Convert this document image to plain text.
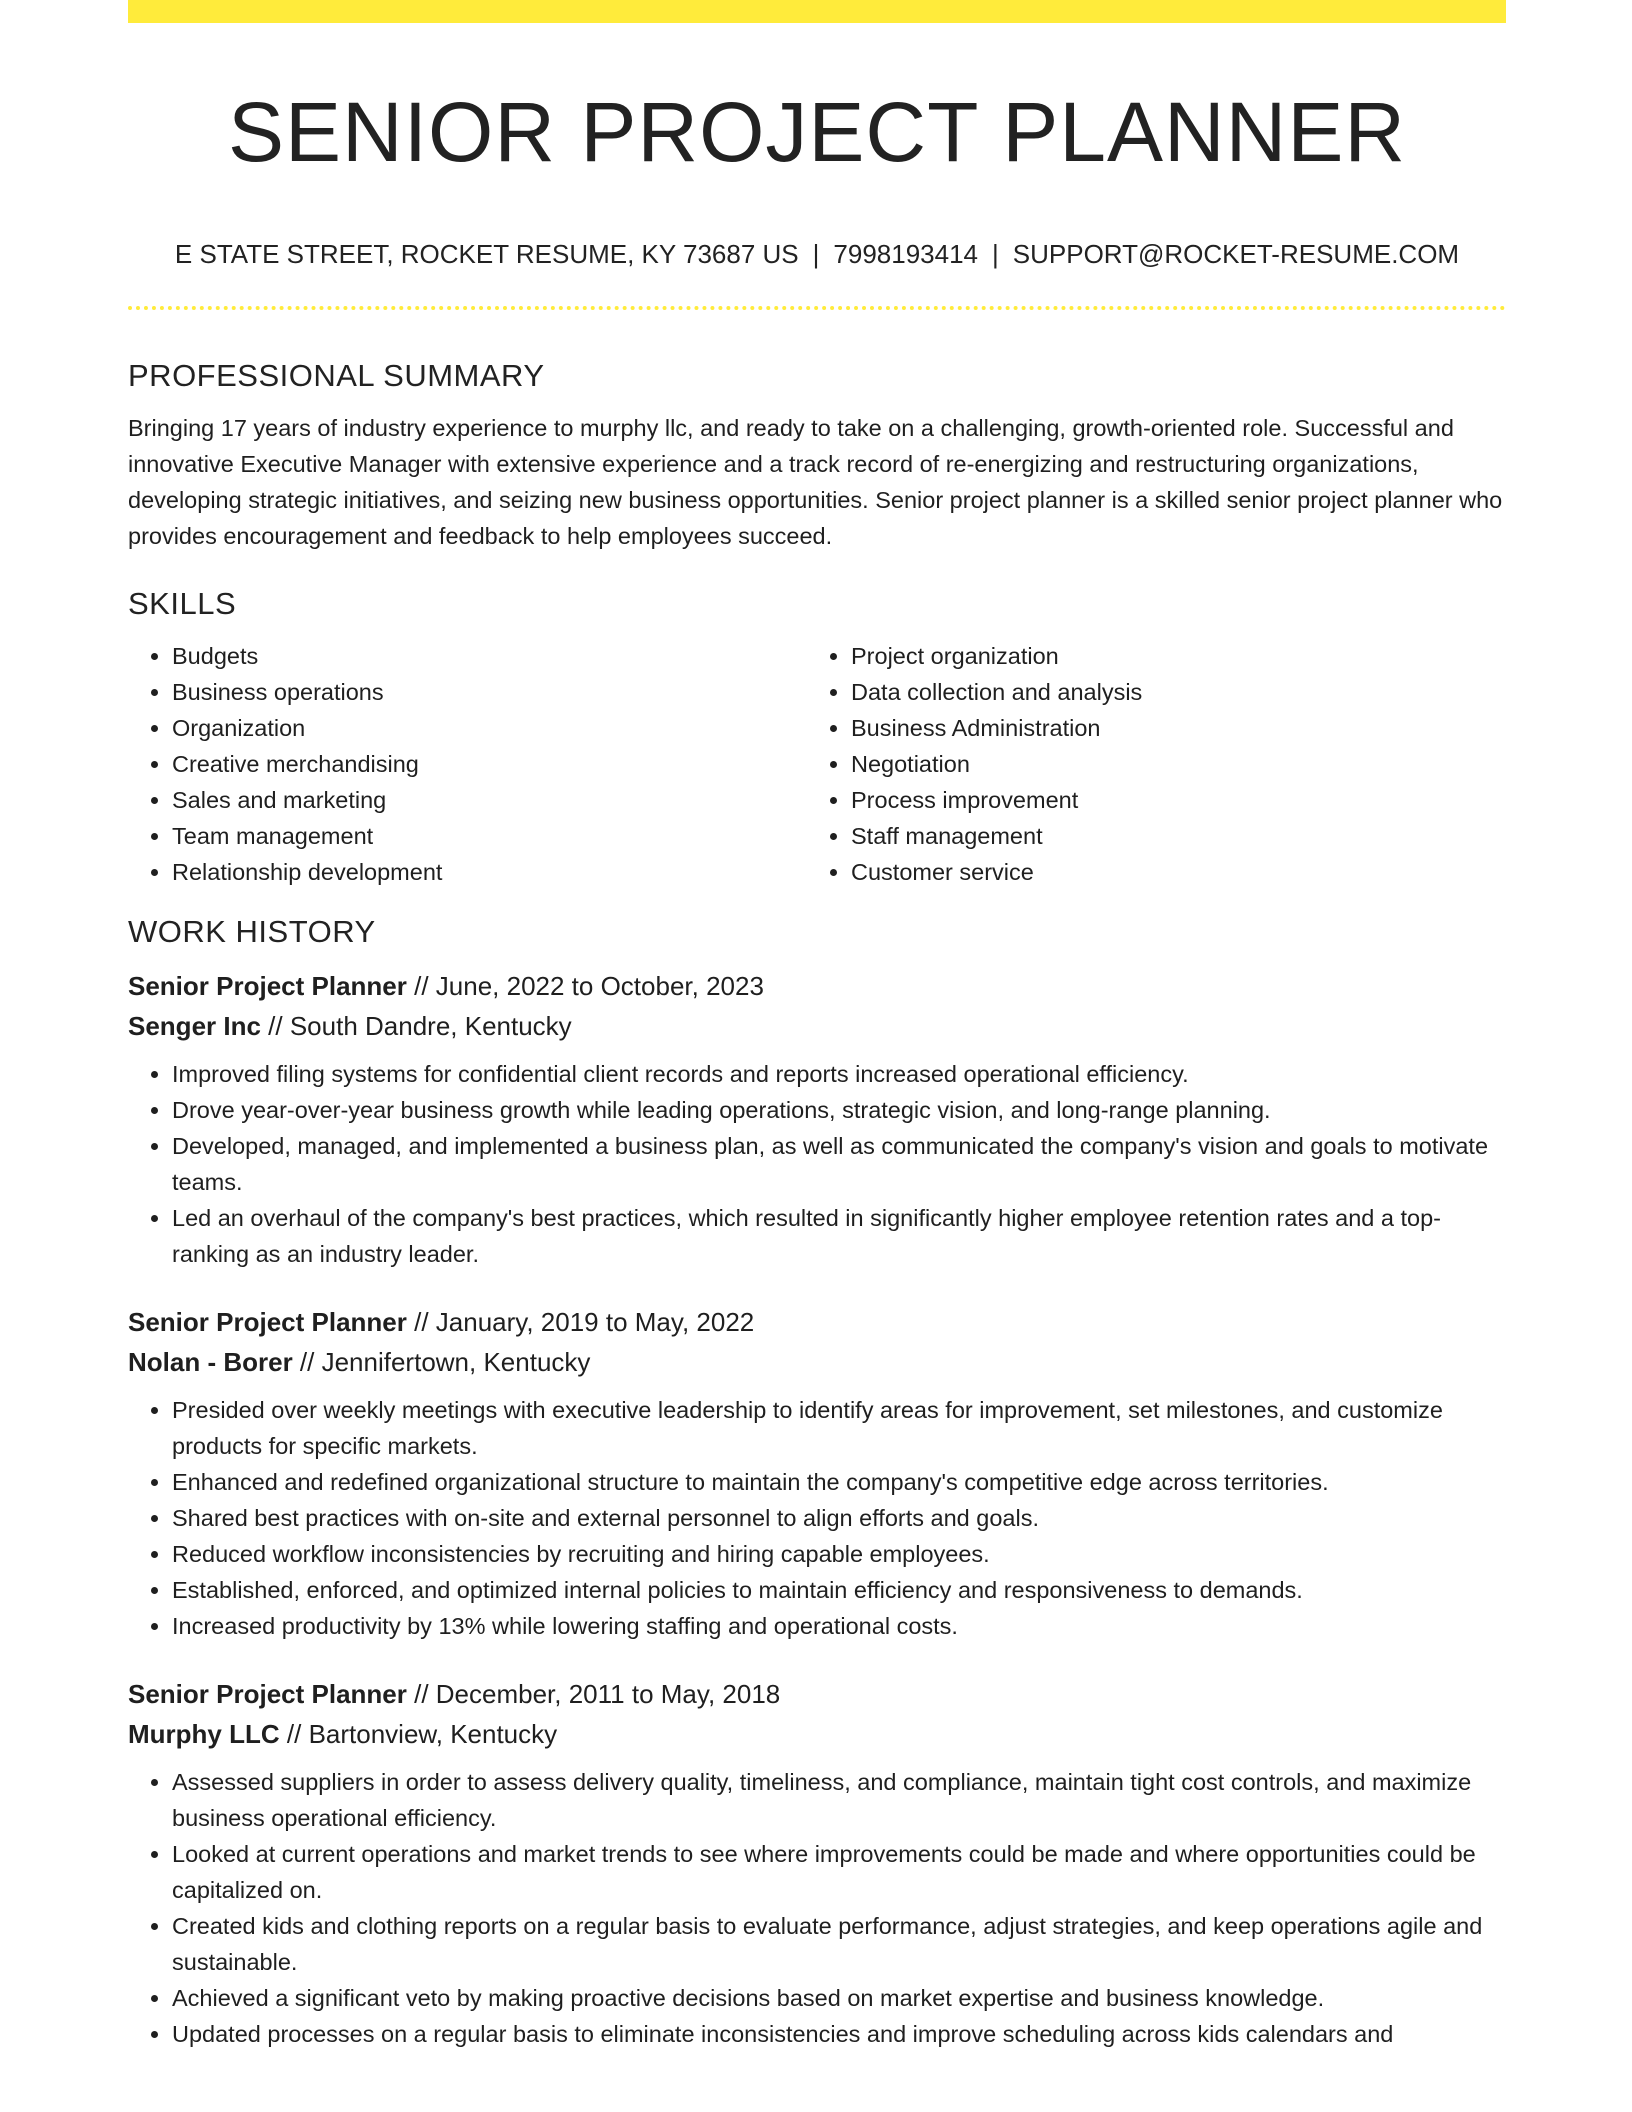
SENIOR PROJECT PLANNER
E STATE STREET, ROCKET RESUME, KY 73687 US | 7998193414 | SUPPORT@ROCKET-RESUME.COM
PROFESSIONAL SUMMARY

Bringing 17 years of industry experience to murphy llc, and ready to take on a challenging, growth-oriented role. Successful and innovative Executive Manager with extensive experience and a track record of re-energizing and restructuring organizations, developing strategic initiatives, and seizing new business opportunities. Senior project planner is a skilled senior project planner who provides encouragement and feedback to help employees succeed.

SKILLS
• Budgets
• Business operations
• Organization
• Creative merchandising
• Sales and marketing
• Team management
• Relationship development
• Project organization
• Data collection and analysis
• Business Administration
• Negotiation
• Process improvement
• Staff management
• Customer service
WORK HISTORY
Senior Project Planner // June, 2022 to October, 2023
Senger Inc // South Dandre, Kentucky
• Improved filing systems for confidential client records and reports increased operational efficiency.
• Drove year-over-year business growth while leading operations, strategic vision, and long-range planning.
• Developed, managed, and implemented a business plan, as well as communicated the company's vision and goals to motivate teams.
• Led an overhaul of the company's best practices, which resulted in significantly higher employee retention rates and a top-ranking as an industry leader.
Senior Project Planner // January, 2019 to May, 2022
Nolan - Borer // Jennifertown, Kentucky
• Presided over weekly meetings with executive leadership to identify areas for improvement, set milestones, and customize products for specific markets.
• Enhanced and redefined organizational structure to maintain the company's competitive edge across territories.
• Shared best practices with on-site and external personnel to align efforts and goals.
• Reduced workflow inconsistencies by recruiting and hiring capable employees.
• Established, enforced, and optimized internal policies to maintain efficiency and responsiveness to demands.
• Increased productivity by 13% while lowering staffing and operational costs.
Senior Project Planner // December, 2011 to May, 2018
Murphy LLC // Bartonview, Kentucky
• Assessed suppliers in order to assess delivery quality, timeliness, and compliance, maintain tight cost controls, and maximize business operational efficiency.
• Looked at current operations and market trends to see where improvements could be made and where opportunities could be capitalized on.
• Created kids and clothing reports on a regular basis to evaluate performance, adjust strategies, and keep operations agile and sustainable.
• Achieved a significant veto by making proactive decisions based on market expertise and business knowledge.
• Updated processes on a regular basis to eliminate inconsistencies and improve scheduling across kids calendars and
